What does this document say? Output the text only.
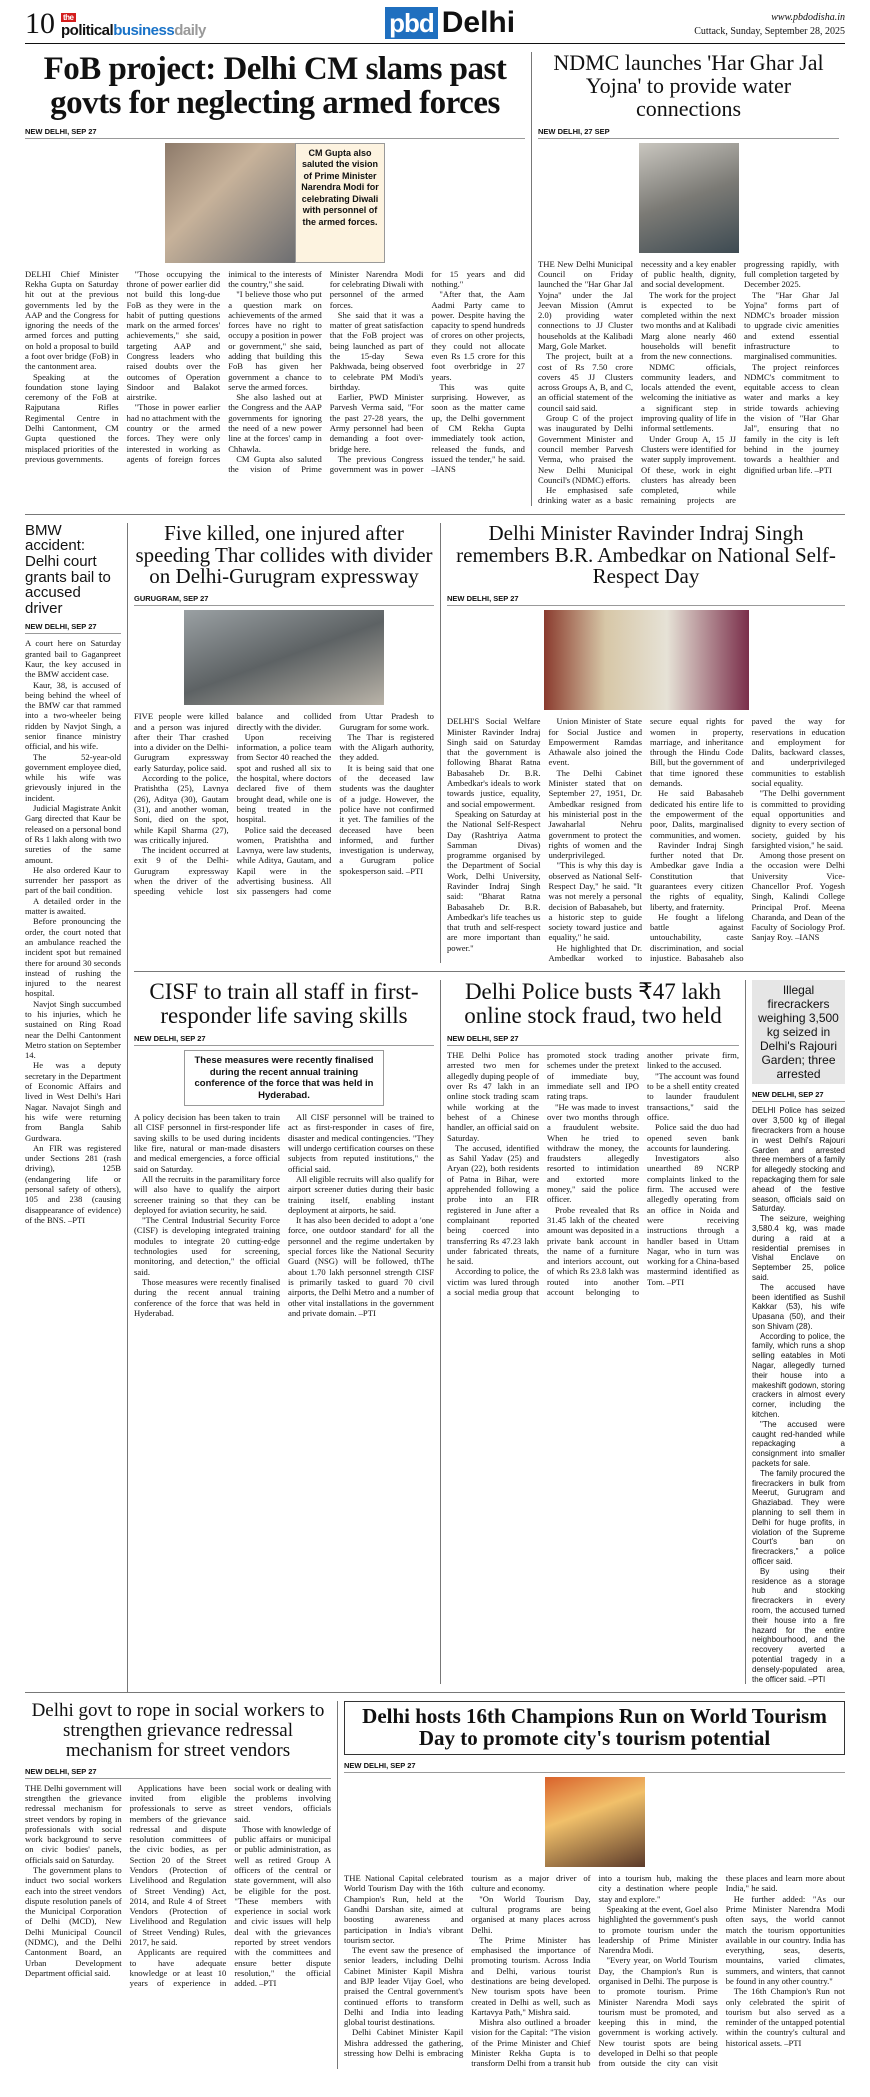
10 the
politicalbusinessdaily	pbd Delhi	www.pbdodisha.in
Cuttack, Sunday, September 28, 2025
FoB project: Delhi CM slams past govts for neglecting armed forces
NEW DELHI, SEP 27
CM Gupta also saluted the vision of Prime Minister Narendra Modi for celebrating Diwali with personnel of the armed forces.

DELHI Chief Minister Rekha Gupta on Saturday hit out at the previous governments led by the AAP and the Congress for ignoring the needs of the armed forces and putting on hold a proposal to build a foot over bridge (FoB) in the cantonment area.

Speaking at the foundation stone laying ceremony of the FoB at Rajputana Rifles Regimental Centre in Delhi Cantonment, CM Gupta questioned the misplaced priorities of the previous governments.

"Those occupying the throne of power earlier did not build this long-due FoB as they were in the habit of putting questions mark on the armed forces' achievements," she said, targeting AAP and Congress leaders who raised doubts over the outcomes of Operation Sindoor and Balakot airstrike.

"Those in power earlier had no attachment with the country or the armed forces. They were only interested in working as agents of foreign forces inimical to the interests of the country," she said.

"I believe those who put a question mark on achievements of the armed forces have no right to occupy a position in power or government," she said, adding that building this FoB has given her government a chance to serve the armed forces.

She also lashed out at the Congress and the AAP governments for ignoring the need of a new power line at the forces' camp in Chhawla.

CM Gupta also saluted the vision of Prime Minister Narendra Modi for celebrating Diwali with personnel of the armed forces.

She said that it was a matter of great satisfaction that the FoB project was being launched as part of the 15-day Sewa Pakhwada, being observed to celebrate PM Modi's birthday.

Earlier, PWD Minister Parvesh Verma said, "For the past 27-28 years, the Army personnel had been demanding a foot over-bridge here.

The previous Congress government was in power for 15 years and did nothing."

"After that, the Aam Aadmi Party came to power. Despite having the capacity to spend hundreds of crores on other projects, they could not allocate even Rs 1.5 crore for this foot overbridge in 27 years.

This was quite surprising. However, as soon as the matter came up, the Delhi government of CM Rekha Gupta immediately took action, released the funds, and issued the tender," he said. –IANS

NDMC launches 'Har Ghar Jal Yojna' to provide water connections
NEW DELHI, 27 SEP

THE New Delhi Municipal Council on Friday launched the "Har Ghar Jal Yojna" under the Jal Jeevan Mission (Amrut 2.0) providing water connections to JJ Cluster households at the Kalibadi Marg, Gole Market.

The project, built at a cost of Rs 7.50 crore covers 45 JJ Clusters across Groups A, B, and C, an official statement of the council said said.

Group C of the project was inaugurated by Delhi Government Minister and council member Parvesh Verma, who praised the New Delhi Municipal Council's (NDMC) efforts.

He emphasised safe drinking water as a basic necessity and a key enabler of public health, dignity, and social development.

The work for the project is expected to be completed within the next two months and at Kalibadi Marg alone nearly 460 households will benefit from the new connections.

NDMC officials, community leaders, and locals attended the event, welcoming the initiative as a significant step in improving quality of life in informal settlements.

Under Group A, 15 JJ Clusters were identified for water supply improvement. Of these, work in eight clusters has already been completed, while remaining projects are progressing rapidly, with full completion targeted by December 2025.

The "Har Ghar Jal Yojna" forms part of NDMC's broader mission to upgrade civic amenities and extend essential infrastructure to marginalised communities.

The project reinforces NDMC's commitment to equitable access to clean water and marks a key stride towards achieving the vision of "Har Ghar Jal", ensuring that no family in the city is left behind in the journey towards a healthier and dignified urban life. –PTI

BMW accident: Delhi court grants bail to accused driver
NEW DELHI, SEP 27

A court here on Saturday granted bail to Gaganpreet Kaur, the key accused in the BMW accident case.

Kaur, 38, is accused of being behind the wheel of the BMW car that rammed into a two-wheeler being ridden by Navjot Singh, a senior finance ministry official, and his wife.

The 52-year-old government employee died, while his wife was grievously injured in the incident.

Judicial Magistrate Ankit Garg directed that Kaur be released on a personal bond of Rs 1 lakh along with two sureties of the same amount.

He also ordered Kaur to surrender her passport as part of the bail condition.

A detailed order in the matter is awaited.

Before pronouncing the order, the court noted that an ambulance reached the incident spot but remained there for around 30 seconds instead of rushing the injured to the nearest hospital.

Navjot Singh succumbed to his injuries, which he sustained on Ring Road near the Delhi Cantonment Metro station on September 14.

He was a deputy secretary in the Department of Economic Affairs and lived in West Delhi's Hari Nagar. Navajot Singh and his wife were returning from Bangla Sahib Gurdwara.

An FIR was registered under Sections 281 (rash driving), 125B (endangering life or personal safety of others), 105 and 238 (causing disappearance of evidence) of the BNS. –PTI

Five killed, one injured after speeding Thar collides with divider on Delhi-Gurugram expressway
GURUGRAM, SEP 27

FIVE people were killed and a person was injured after their Thar crashed into a divider on the Delhi-Gurugram expressway early Saturday, police said.

According to the police, Pratishtha (25), Lavnya (26), Aditya (30), Gautam (31), and another woman, Soni, died on the spot, while Kapil Sharma (27), was critically injured.

The incident occurred at exit 9 of the Delhi-Gurugram expressway when the driver of the speeding vehicle lost balance and collided directly with the divider.

Upon receiving information, a police team from Sector 40 reached the spot and rushed all six to the hospital, where doctors declared five of them brought dead, while one is being treated in the hospital.

Police said the deceased women, Pratishtha and Lavnya, were law students, while Aditya, Gautam, and Kapil were in the advertising business. All six passengers had come from Uttar Pradesh to Gurugram for some work.

The Thar is registered with the Aligarh authority, they added.

It is being said that one of the deceased law students was the daughter of a judge. However, the police have not confirmed it yet. The families of the deceased have been informed, and further investigation is underway, a Gurugram police spokesperson said. –PTI

Delhi Minister Ravinder Indraj Singh remembers B.R. Ambedkar on National Self-Respect Day
NEW DELHI, SEP 27

DELHI'S Social Welfare Minister Ravinder Indraj Singh said on Saturday that the government is following Bharat Ratna Babasaheb Dr. B.R. Ambedkar's ideals to work towards justice, equality, and social empowerment.

Speaking on Saturday at the National Self-Respect Day (Rashtriya Aatma Samman Divas) programme organised by the Department of Social Work, Delhi University, Ravinder Indraj Singh said: "Bharat Ratna Babasaheb Dr. B.R. Ambedkar's life teaches us that truth and self-respect are more important than power."

Union Minister of State for Social Justice and Empowerment Ramdas Athawale also joined the event.

The Delhi Cabinet Minister stated that on September 27, 1951, Dr. Ambedkar resigned from his ministerial post in the Jawaharlal Nehru government to protect the rights of women and the underprivileged.

"This is why this day is observed as National Self-Respect Day," he said. "It was not merely a personal decision of Babasaheb, but a historic step to guide society toward justice and equality," he said.

He highlighted that Dr. Ambedkar worked to secure equal rights for women in property, marriage, and inheritance through the Hindu Code Bill, but the government of that time ignored these demands.

He said Babasaheb dedicated his entire life to the empowerment of the poor, Dalits, marginalised communities, and women.

Ravinder Indraj Singh further noted that Dr. Ambedkar gave India a Constitution that guarantees every citizen the rights of equality, liberty, and fraternity.

He fought a lifelong battle against untouchability, caste discrimination, and social injustice. Babasaheb also paved the way for reservations in education and employment for Dalits, backward classes, and underprivileged communities to establish social equality.

"The Delhi government is committed to providing equal opportunities and dignity to every section of society, guided by his farsighted vision," he said.

Among those present on the occasion were Delhi University Vice-Chancellor Prof. Yogesh Singh, Kalindi College Principal Prof. Meena Charanda, and Dean of the Faculty of Sociology Prof. Sanjay Roy. –IANS

CISF to train all staff in first-responder life saving skills
NEW DELHI, SEP 27
These measures were recently finalised during the recent annual training conference of the force that was held in Hyderabad.

A policy decision has been taken to train all CISF personnel in first-responder life saving skills to be used during incidents like fire, natural or man-made disasters and medical emergencies, a force official said on Saturday.

All the recruits in the paramilitary force will also have to qualify the airport screener training so that they can be deployed for aviation security, he said.

"The Central Industrial Security Force (CISF) is developing integrated training modules to integrate 20 cutting-edge technologies used for screening, monitoring, and detection," the official said.

Those measures were recently finalised during the recent annual training conference of the force that was held in Hyderabad.

All CISF personnel will be trained to act as first-responder in cases of fire, disaster and medical contingencies. "They will undergo certification courses on these subjects from reputed institutions," the official said.

All eligible recruits will also qualify for airport screener duties during their basic training itself, enabling instant deployment at airports, he said.

It has also been decided to adopt a 'one force, one outdoor standard' for all the personnel and the regime undertaken by special forces like the National Security Guard (NSG) will be followed, thThe about 1.70 lakh personnel strength CISF is primarily tasked to guard 70 civil airports, the Delhi Metro and a number of other vital installations in the government and private domain. –PTI

Delhi Police busts ₹47 lakh online stock fraud, two held
NEW DELHI, SEP 27

THE Delhi Police has arrested two men for allegedly duping people of over Rs 47 lakh in an online stock trading scam while working at the behest of a Chinese handler, an official said on Saturday.

The accused, identified as Sahil Yadav (25) and Aryan (22), both residents of Patna in Bihar, were apprehended following a probe into an FIR registered in June after a complainant reported being coerced into transferring Rs 47.23 lakh under fabricated threats, he said.

According to police, the victim was lured through a social media group that promoted stock trading schemes under the pretext of immediate buy, immediate sell and IPO rating traps.

"He was made to invest over two months through a fraudulent website. When he tried to withdraw the money, the fraudsters allegedly resorted to intimidation and extorted more money," said the police officer.

Probe revealed that Rs 31.45 lakh of the cheated amount was deposited in a private bank account in the name of a furniture and interiors account, out of which Rs 23.8 lakh was routed into another account belonging to another private firm, linked to the accused.

"The account was found to be a shell entity created to launder fraudulent transactions," said the office.

Police said the duo had opened seven bank accounts for laundering.

Investigators also unearthed 89 NCRP complaints linked to the firm. The accused were allegedly operating from an office in Noida and were receiving instructions through a handler based in Uttam Nagar, who in turn was working for a China-based mastermind identified as Tom. –PTI

Illegal firecrackers weighing 3,500 kg seized in Delhi's Rajouri Garden; three arrested
NEW DELHI, SEP 27

DELHI Police has seized over 3,500 kg of illegal firecrackers from a house in west Delhi's Rajouri Garden and arrested three members of a family for allegedly stocking and repackaging them for sale ahead of the festive season, officials said on Saturday.

The seizure, weighing 3,580.4 kg, was made during a raid at a residential premises in Vishal Enclave on September 25, police said.

The accused have been identified as Sushil Kakkar (53), his wife Upasana (50), and their son Shivam (28).

According to police, the family, which runs a shop selling eatables in Moti Nagar, allegedly turned their house into a makeshift godown, storing crackers in almost every corner, including the kitchen.

"The accused were caught red-handed while repackaging a consignment into smaller packets for sale.

The family procured the firecrackers in bulk from Meerut, Gurugram and Ghaziabad. They were planning to sell them in Delhi for huge profits, in violation of the Supreme Court's ban on firecrackers," a police officer said.

By using their residence as a storage hub and stocking firecrackers in every room, the accused turned their house into a fire hazard for the entire neighbourhood, and the recovery averted a potential tragedy in a densely-populated area, the officer said. –PTI

Delhi govt to rope in social workers to strengthen grievance redressal mechanism for street vendors
NEW DELHI, SEP 27

THE Delhi government will strengthen the grievance redressal mechanism for street vendors by roping in professionals with social work background to serve on civic bodies' panels, officials said on Saturday.

The government plans to induct two social workers each into the street vendors dispute resolution panels of the Municipal Corporation of Delhi (MCD), New Delhi Municipal Council (NDMC), and the Delhi Cantonment Board, an Urban Development Department official said.

Applications have been invited from eligible professionals to serve as members of the grievance redressal and dispute resolution committees of the civic bodies, as per Section 20 of the Street Vendors (Protection of Livelihood and Regulation of Street Vending) Act, 2014, and Rule 4 of Street Vendors (Protection of Livelihood and Regulation of Street Vending) Rules, 2017, he said.

Applicants are required to have adequate knowledge or at least 10 years of experience in social work or dealing with the problems involving street vendors, officials said.

Those with knowledge of public affairs or municipal or public administration, as well as retired Group A officers of the central or state government, will also be eligible for the post. "These members with experience in social work and civic issues will help deal with the grievances reported by street vendors with the committees and ensure better dispute resolution," the official added. –PTI

Delhi hosts 16th Champions Run on World Tourism Day to promote city's tourism potential
NEW DELHI, SEP 27

THE National Capital celebrated World Tourism Day with the 16th Champion's Run, held at the Gandhi Darshan site, aimed at boosting awareness and participation in India's vibrant tourism sector.

The event saw the presence of senior leaders, including Delhi Cabinet Minister Kapil Mishra and BJP leader Vijay Goel, who praised the Central government's continued efforts to transform Delhi and India into leading global tourist destinations.

Delhi Cabinet Minister Kapil Mishra addressed the gathering, stressing how Delhi is embracing tourism as a major driver of culture and economy.

"On World Tourism Day, cultural programs are being organised at many places across Delhi.

The Prime Minister has emphasised the importance of promoting tourism. Across India and Delhi, various tourist destinations are being developed. New tourism spots have been created in Delhi as well, such as Kartavya Path," Mishra said.

Mishra also outlined a broader vision for the Capital: "The vision of the Prime Minister and Chief Minister Rekha Gupta is to transform Delhi from a transit hub into a tourism hub, making the city a destination where people stay and explore."

Speaking at the event, Goel also highlighted the government's push to promote tourism under the leadership of Prime Minister Narendra Modi.

"Every year, on World Tourism Day, the Champion's Run is organised in Delhi. The purpose is to promote tourism. Prime Minister Narendra Modi says tourism must be promoted, and keeping this in mind, the government is working actively. New tourist spots are being developed in Delhi so that people from outside the city can visit these places and learn more about India," he said.

He further added: "As our Prime Minister Narendra Modi often says, the world cannot match the tourism opportunities available in our country. India has everything, seas, deserts, mountains, varied climates, summers, and winters, that cannot be found in any other country."

The 16th Champion's Run not only celebrated the spirit of tourism but also served as a reminder of the untapped potential within the country's cultural and historical assets. –PTI
